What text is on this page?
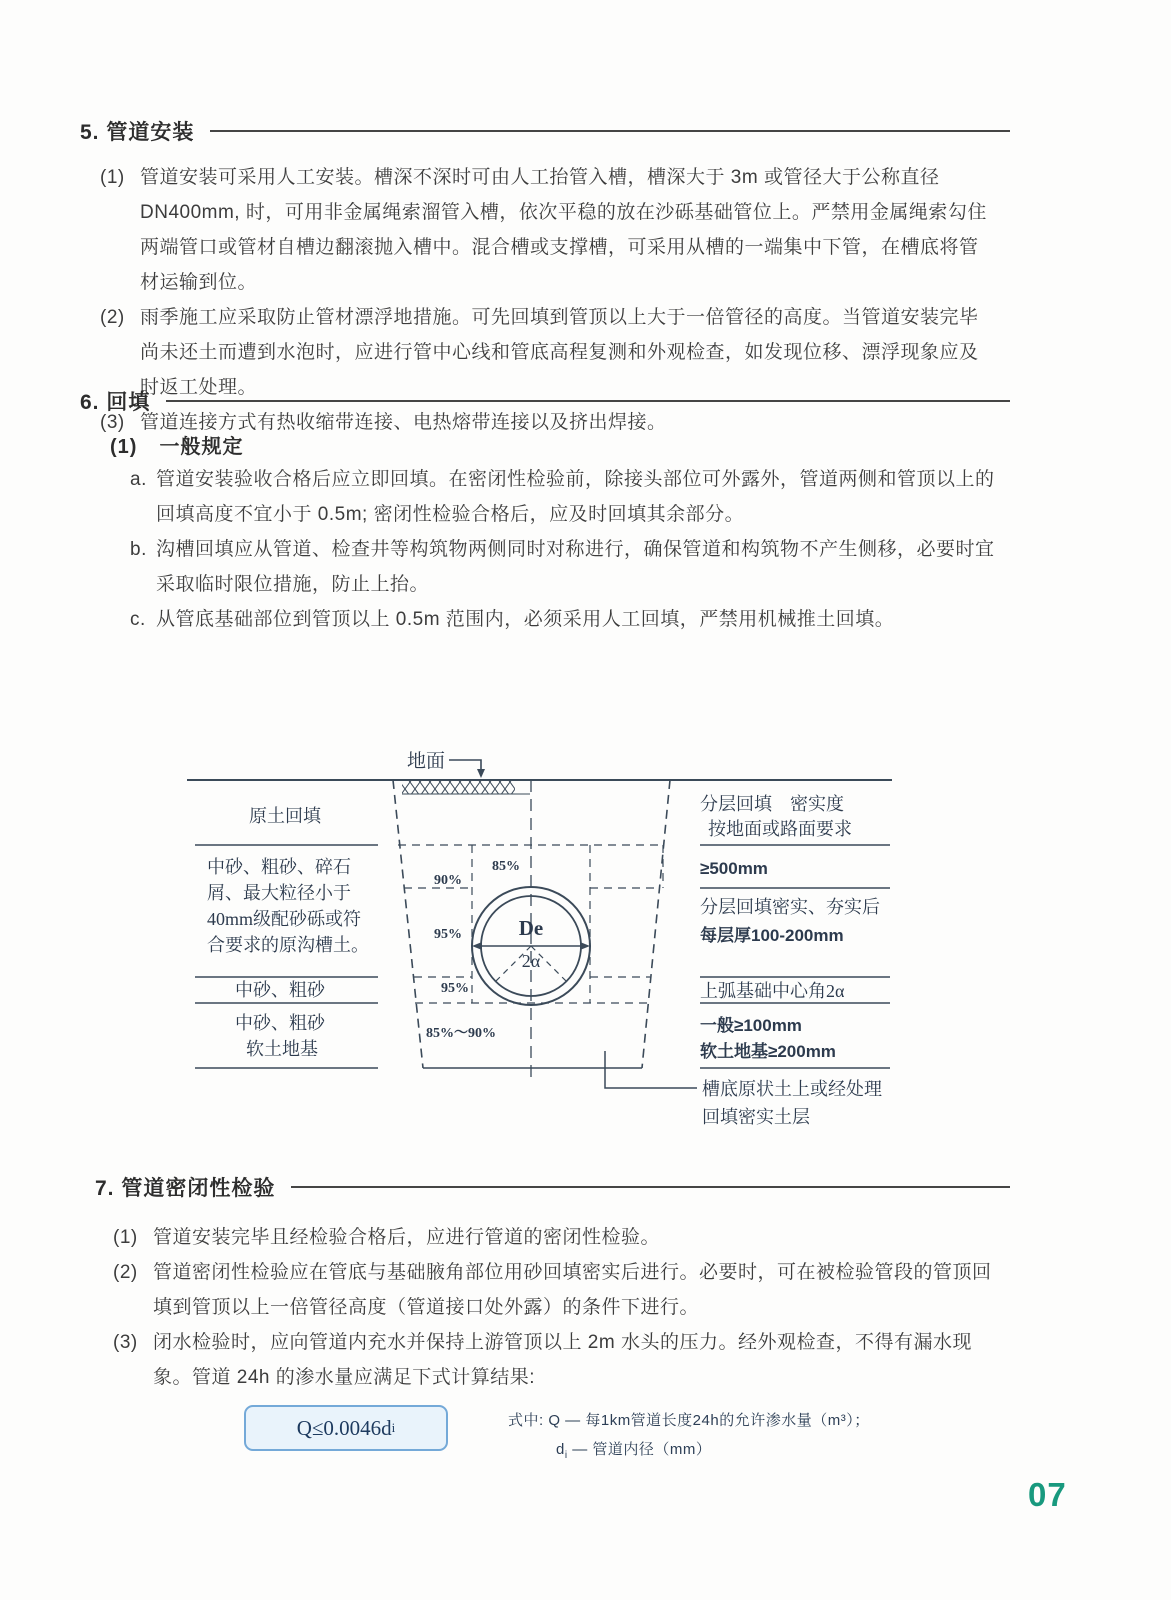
5. 管道安装
(1) 管道安装可采用人工安装。槽深不深时可由人工抬管入槽，槽深大于 3m 或管径大于公称直径 DN400mm, 时，可用非金属绳索溜管入槽，依次平稳的放在沙砾基础管位上。严禁用金属绳索勾住两端管口或管材自槽边翻滚抛入槽中。混合槽或支撑槽，可采用从槽的一端集中下管，在槽底将管材运输到位。
(2) 雨季施工应采取防止管材漂浮地措施。可先回填到管顶以上大于一倍管径的高度。当管道安装完毕尚未还土而遭到水泡时，应进行管中心线和管底高程复测和外观检查，如发现位移、漂浮现象应及时返工处理。
(3) 管道连接方式有热收缩带连接、电热熔带连接以及挤出焊接。
6. 回填
(1) 一般规定
a. 管道安装验收合格后应立即回填。在密闭性检验前，除接头部位可外露外，管道两侧和管顶以上的回填高度不宜小于 0.5m; 密闭性检验合格后，应及时回填其余部分。
b. 沟槽回填应从管道、检查井等构筑物两侧同时对称进行，确保管道和构筑物不产生侧移，必要时宜采取临时限位措施，防止上抬。
c. 从管底基础部位到管顶以上 0.5m 范围内，必须采用人工回填，严禁用机械推土回填。
地面
De
2α
90%
85%
95%
95%
85%～90%
原土回填
中砂、粗砂、碎石
屑、最大粒径小于
40mm级配砂砾或符
合要求的原沟槽土。
中砂、粗砂
中砂、粗砂
软土地基
分层回填　密实度
按地面或路面要求
≥500mm
分层回填密实、夯实后
每层厚100-200mm
上弧基础中心角2α
一般≥100mm
软土地基≥200mm
槽底原状土上或经处理
回填密实土层
7. 管道密闭性检验
(1) 管道安装完毕且经检验合格后，应进行管道的密闭性检验。
(2) 管道密闭性检验应在管底与基础腋角部位用砂回填密实后进行。必要时，可在被检验管段的管顶回填到管顶以上一倍管径高度（管道接口处外露）的条件下进行。
(3) 闭水检验时，应向管道内充水并保持上游管顶以上 2m 水头的压力。经外观检查，不得有漏水现象。管道 24h 的渗水量应满足下式计算结果:
Q≤0.0046d i	式中: Q — 每1km管道长度24h的允许渗水量（m³）；
$d_i$ — 管道内径（mm）
07
